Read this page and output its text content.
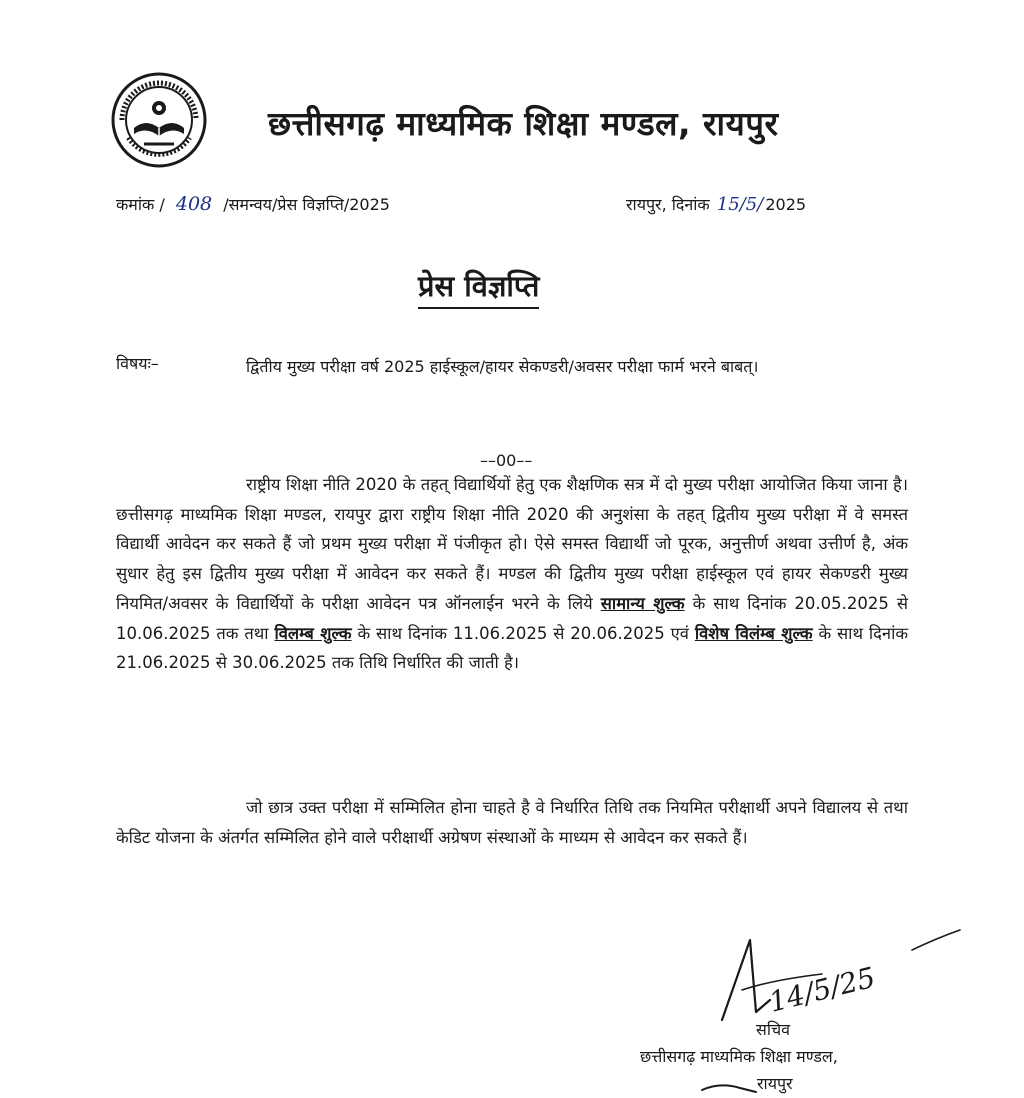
छत्तीसगढ़ माध्यमिक शिक्षा मण्डल, रायपुर
कमांक / 408 /समन्वय/प्रेस विज्ञप्ति/2025	रायपुर, दिनांक 15/5/ 2025
प्रेस विज्ञप्ति
विषयः–	द्वितीय मुख्य परीक्षा वर्ष 2025 हाईस्कूल/हायर सेकण्डरी/अवसर परीक्षा फार्म भरने बाबत्।
––00––
राष्ट्रीय शिक्षा नीति 2020 के तहत् विद्यार्थियों हेतु एक शैक्षणिक सत्र में दो मुख्य परीक्षा आयोजित किया जाना है। छत्तीसगढ़ माध्यमिक शिक्षा मण्डल, रायपुर द्वारा राष्ट्रीय शिक्षा नीति 2020 की अनुशंसा के तहत् द्वितीय मुख्य परीक्षा में वे समस्त विद्यार्थी आवेदन कर सकते हैं जो प्रथम मुख्य परीक्षा में पंजीकृत हो। ऐसे समस्त विद्यार्थी जो पूरक, अनुत्तीर्ण अथवा उत्तीर्ण है, अंक सुधार हेतु इस द्वितीय मुख्य परीक्षा में आवेदन कर सकते हैं। मण्डल की द्वितीय मुख्य परीक्षा हाईस्कूल एवं हायर सेकण्डरी मुख्य नियमित/अवसर के विद्यार्थियों के परीक्षा आवेदन पत्र ऑनलाईन भरने के लिये सामान्य शुल्क के साथ दिनांक 20.05.2025 से 10.06.2025 तक तथा विलम्ब शुल्क के साथ दिनांक 11.06.2025 से 20.06.2025 एवं विशेष विलंम्ब शुल्क के साथ दिनांक 21.06.2025 से 30.06.2025 तक तिथि निर्धारित की जाती है।
जो छात्र उक्त परीक्षा में सम्मिलित होना चाहते है वे निर्धारित तिथि तक नियमित परीक्षार्थी अपने विद्यालय से तथा केडिट योजना के अंतर्गत सम्मिलित होने वाले परीक्षार्थी अग्रेषण संस्थाओं के माध्यम से आवेदन कर सकते हैं।
14/5/25
सचिव
छत्तीसगढ़ माध्यमिक शिक्षा मण्डल,
रायपुर
